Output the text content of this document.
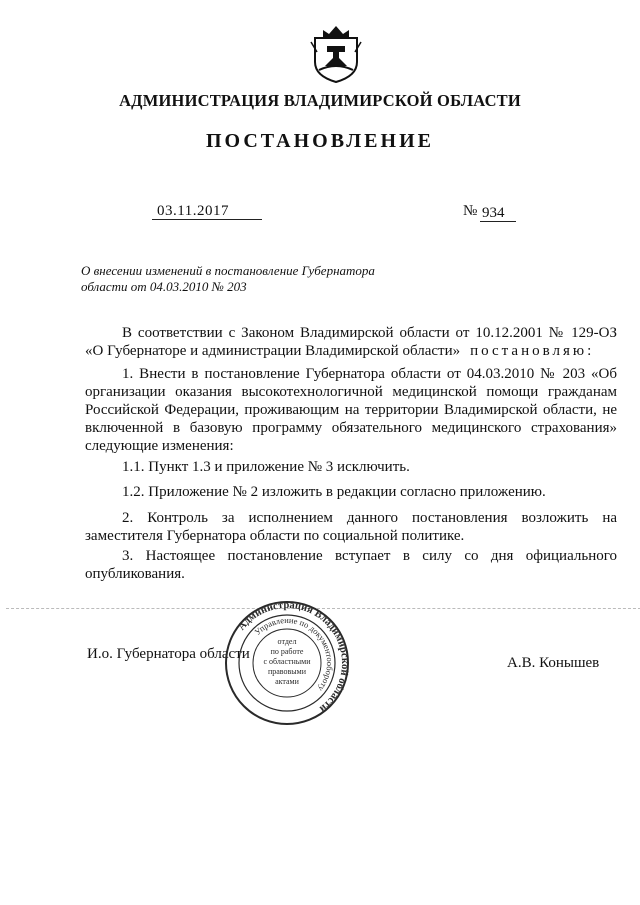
АДМИНИСТРАЦИЯ ВЛАДИМИРСКОЙ ОБЛАСТИ
ПОСТАНОВЛЕНИЕ
03.11.2017	№ 934
О внесении изменений в постановление Губернатора
области от 04.03.2010 № 203
В соответствии с Законом Владимирской области от 10.12.2001 № 129-ОЗ «О Губернаторе и администрации Владимирской области» постановляю:
1. Внести в постановление Губернатора области от 04.03.2010 № 203 «Об организации оказания высокотехнологичной медицинской помощи гражданам Российской Федерации, проживающим на территории Владимирской области, не включенной в базовую программу обязательного медицинского страхования» следующие изменения:
1.1. Пункт 1.3 и приложение № 3 исключить.
1.2. Приложение № 2 изложить в редакции согласно приложению.
2. Контроль за исполнением данного постановления возложить на заместителя Губернатора области по социальной политике.
3. Настоящее постановление вступает в силу со дня официального опубликования.
И.о. Губернатора области
А.В. Конышев
Администрация Владимирской области
Управление по документообороту
отдел
по работе
с областными
правовыми
актами
